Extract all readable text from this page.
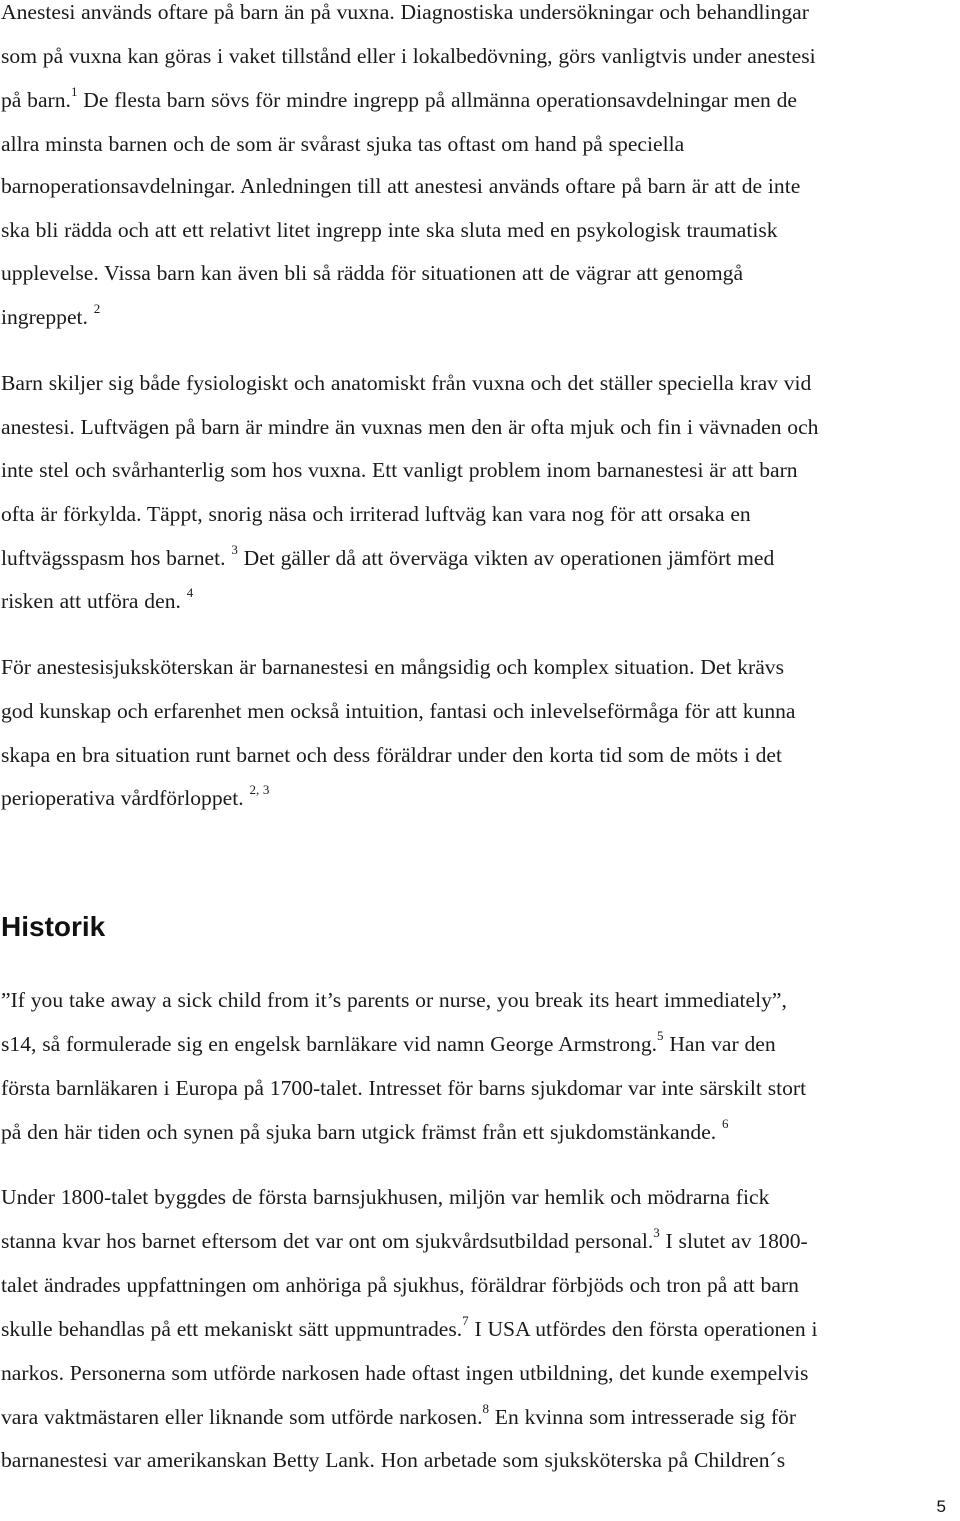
Anestesi används oftare på barn än på vuxna. Diagnostiska undersökningar och behandlingar
som på vuxna kan göras i vaket tillstånd eller i lokalbedövning, görs vanligtvis under anestesi
på barn.$^1$ De flesta barn sövs för mindre ingrepp på allmänna operationsavdelningar men de
allra minsta barnen och de som är svårast sjuka tas oftast om hand på speciella
barnoperationsavdelningar. Anledningen till att anestesi används oftare på barn är att de inte
ska bli rädda och att ett relativt litet ingrepp inte ska sluta med en psykologisk traumatisk
upplevelse. Vissa barn kan även bli så rädda för situationen att de vägrar att genomgå
ingreppet. $^2$
Barn skiljer sig både fysiologiskt och anatomiskt från vuxna och det ställer speciella krav vid
anestesi. Luftvägen på barn är mindre än vuxnas men den är ofta mjuk och fin i vävnaden och
inte stel och svårhanterlig som hos vuxna. Ett vanligt problem inom barnanestesi är att barn
ofta är förkylda. Täppt, snorig näsa och irriterad luftväg kan vara nog för att orsaka en
luftvägsspasm hos barnet. $^3$ Det gäller då att överväga vikten av operationen jämfört med
risken att utföra den. $^4$
För anestesisjuksköterskan är barnanestesi en mångsidig och komplex situation. Det krävs
god kunskap och erfarenhet men också intuition, fantasi och inlevelseförmåga för att kunna
skapa en bra situation runt barnet och dess föräldrar under den korta tid som de möts i det
perioperativa vårdförloppet. $^{2, 3}$
Historik
”If you take away a sick child from it’s parents or nurse, you break its heart immediately”,
s14, så formulerade sig en engelsk barnläkare vid namn George Armstrong.$^5$ Han var den
första barnläkaren i Europa på 1700-talet. Intresset för barns sjukdomar var inte särskilt stort
på den här tiden och synen på sjuka barn utgick främst från ett sjukdomstänkande. $^6$
Under 1800-talet byggdes de första barnsjukhusen, miljön var hemlik och mödrarna fick
stanna kvar hos barnet eftersom det var ont om sjukvårdsutbildad personal.$^3$ I slutet av 1800-
talet ändrades uppfattningen om anhöriga på sjukhus, föräldrar förbjöds och tron på att barn
skulle behandlas på ett mekaniskt sätt uppmuntrades.$^7$ I USA utfördes den första operationen i
narkos. Personerna som utförde narkosen hade oftast ingen utbildning, det kunde exempelvis
vara vaktmästaren eller liknande som utförde narkosen.$^8$ En kvinna som intresserade sig för
barnanestesi var amerikanskan Betty Lank. Hon arbetade som sjuksköterska på Children´s
5
